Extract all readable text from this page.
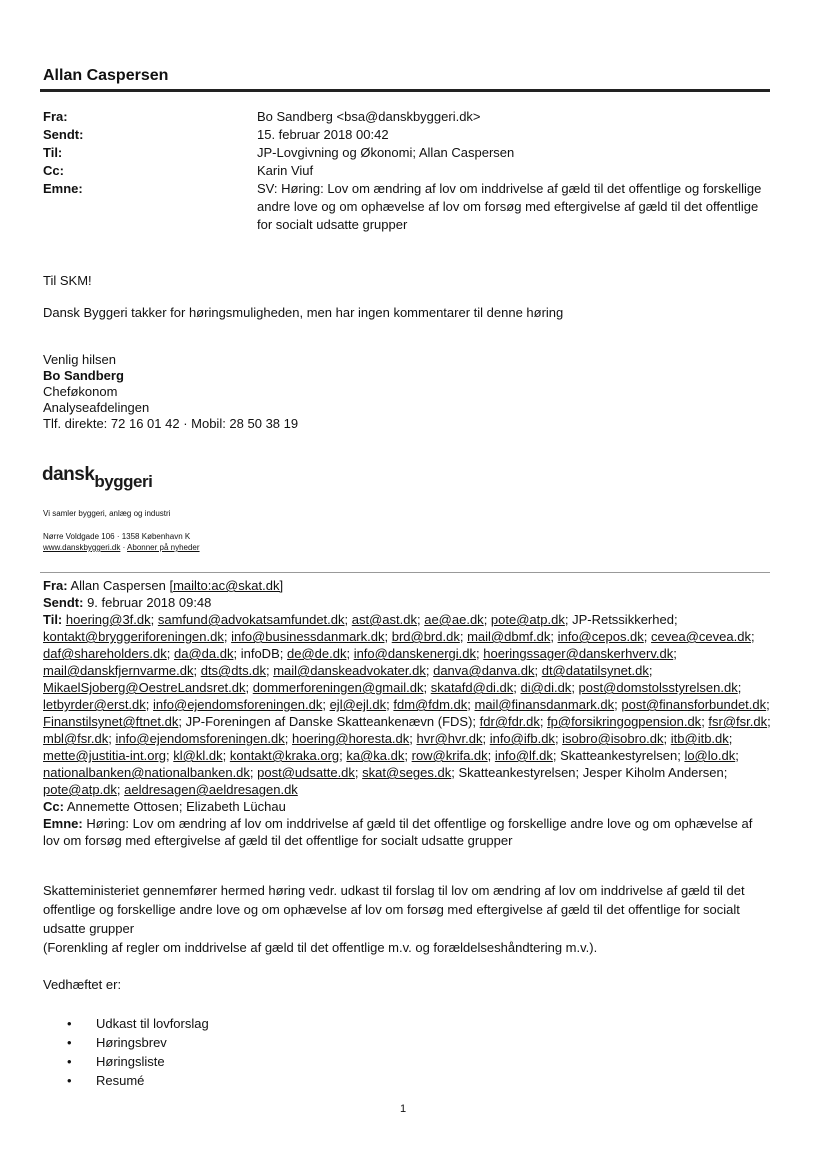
Allan Caspersen
Fra:	Bo Sandberg <bsa@danskbyggeri.dk>
Sendt:	15. februar 2018 00:42
Til:	JP-Lovgivning og Økonomi; Allan Caspersen
Cc:	Karin Viuf
Emne:	SV: Høring: Lov om ændring af lov om inddrivelse af gæld til det offentlige og forskellige andre love og om ophævelse af lov om forsøg med eftergivelse af gæld til det offentlige for socialt udsatte grupper
Til SKM!
Dansk Byggeri takker for høringsmuligheden, men har ingen kommentarer til denne høring
Venlig hilsen
Bo Sandberg
Cheføkonom
Analyseafdelingen
Tlf. direkte: 72 16 01 42 · Mobil: 28 50 38 19
danskbyggeri
Vi samler byggeri, anlæg og industri
Nørre Voldgade 106 · 1358 København K
www.danskbyggeri.dk · Abonner på nyheder
Fra: Allan Caspersen [mailto:ac@skat.dk]
Sendt: 9. februar 2018 09:48
Til: hoering@3f.dk; samfund@advokatsamfundet.dk; ast@ast.dk; ae@ae.dk; pote@atp.dk; JP-Retssikkerhed; kontakt@bryggeriforeningen.dk; info@businessdanmark.dk; brd@brd.dk; mail@dbmf.dk; info@cepos.dk; cevea@cevea.dk; daf@shareholders.dk; da@da.dk; infoDB; de@de.dk; info@danskenergi.dk; hoeringssager@danskerhverv.dk; mail@danskfjernvarme.dk; dts@dts.dk; mail@danskeadvokater.dk; danva@danva.dk; dt@datatilsynet.dk; MikaelSjoberg@OestreLandsret.dk; dommerforeningen@gmail.dk; skatafd@di.dk; di@di.dk; post@domstolsstyrelsen.dk; letbyrder@erst.dk; info@ejendomsforeningen.dk; ejl@ejl.dk; fdm@fdm.dk; mail@finansdanmark.dk; post@finansforbundet.dk; Finanstilsynet@ftnet.dk; JP-Foreningen af Danske Skatteankenævn (FDS); fdr@fdr.dk; fp@forsikringogpension.dk; fsr@fsr.dk; mbl@fsr.dk; info@ejendomsforeningen.dk; hoering@horesta.dk; hvr@hvr.dk; info@ifb.dk; isobro@isobro.dk; itb@itb.dk; mette@justitia-int.org; kl@kl.dk; kontakt@kraka.org; ka@ka.dk; row@krifa.dk; info@lf.dk; Skatteankestyrelsen; lo@lo.dk; nationalbanken@nationalbanken.dk; post@udsatte.dk; skat@seges.dk; Skatteankestyrelsen; Jesper Kiholm Andersen; pote@atp.dk; aeldresagen@aeldresagen.dk
Cc: Annemette Ottosen; Elizabeth Lüchau
Emne: Høring: Lov om ændring af lov om inddrivelse af gæld til det offentlige og forskellige andre love og om ophævelse af lov om forsøg med eftergivelse af gæld til det offentlige for socialt udsatte grupper
Skatteministeriet gennemfører hermed høring vedr. udkast til forslag til lov om ændring af lov om inddrivelse af gæld til det offentlige og forskellige andre love og om ophævelse af lov om forsøg med eftergivelse af gæld til det offentlige for socialt udsatte grupper
(Forenkling af regler om inddrivelse af gæld til det offentlige m.v. og forældelseshåndtering m.v.).
Vedhæftet er:
•	Udkast til lovforslag
•	Høringsbrev
•	Høringsliste
•	Resumé
1
